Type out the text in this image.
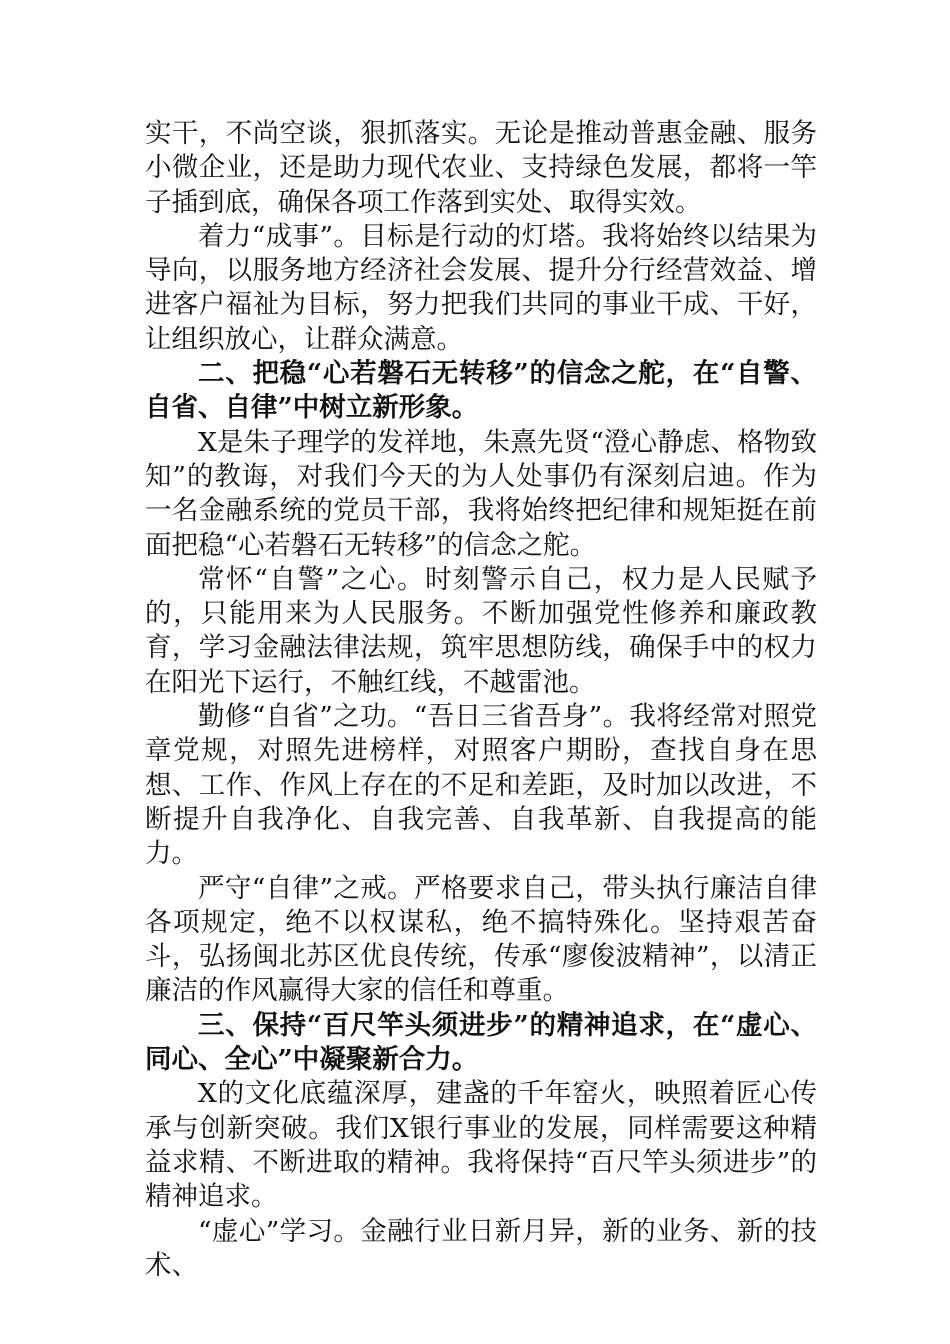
实干，不尚空谈，狠抓落实。无论是推动普惠金融、服务小微企业，还是助力现代农业、支持绿色发展，都将一竿子插到底，确保各项工作落到实处、取得实效。

着力“成事”。目标是行动的灯塔。我将始终以结果为导向，以服务地方经济社会发展、提升分行经营效益、增进客户福祉为目标，努力把我们共同的事业干成、干好，让组织放心，让群众满意。

二、把稳“心若磐石无转移”的信念之舵，在“自警、自省、自律”中树立新形象。

X是朱子理学的发祥地，朱熹先贤“澄心静虑、格物致知”的教诲，对我们今天的为人处事仍有深刻启迪。作为一名金融系统的党员干部，我将始终把纪律和规矩挺在前面把稳“心若磐石无转移”的信念之舵。

常怀“自警”之心。时刻警示自己，权力是人民赋予的，只能用来为人民服务。不断加强党性修养和廉政教育，学习金融法律法规，筑牢思想防线，确保手中的权力在阳光下运行，不触红线，不越雷池。

勤修“自省”之功。“吾日三省吾身”。我将经常对照党章党规，对照先进榜样，对照客户期盼，查找自身在思想、工作、作风上存在的不足和差距，及时加以改进，不断提升自我净化、自我完善、自我革新、自我提高的能力。

严守“自律”之戒。严格要求自己，带头执行廉洁自律各项规定，绝不以权谋私，绝不搞特殊化。坚持艰苦奋斗，弘扬闽北苏区优良传统，传承“廖俊波精神”，以清正廉洁的作风赢得大家的信任和尊重。

三、保持“百尺竿头须进步”的精神追求，在“虚心、同心、全心”中凝聚新合力。

X的文化底蕴深厚，建盏的千年窑火，映照着匠心传承与创新突破。我们X银行事业的发展，同样需要这种精益求精、不断进取的精神。我将保持“百尺竿头须进步”的精神追求。

“虚心”学习。金融行业日新月异，新的业务、新的技术、
